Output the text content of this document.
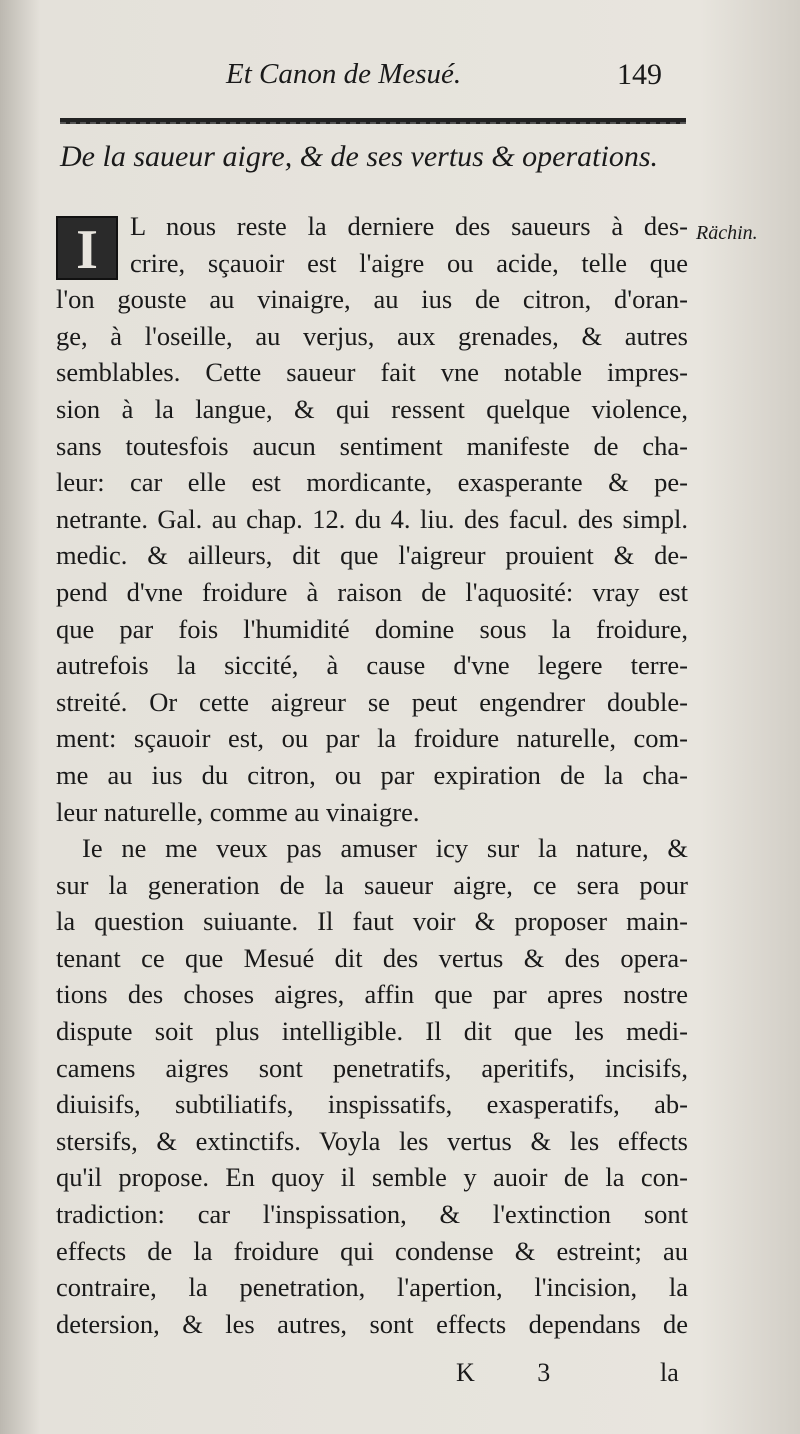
Et Canon de Mesué.	149
De la saueur aigre, & de ses vertus & operations.
Rächin.
I	L nous reste la derniere des saueurs à des-
crire, sçauoir est l'aigre ou acide, telle que
l'on gouste au vinaigre, au ius de citron, d'oran-
ge, à l'oseille, au verjus, aux grenades, & autres
semblables. Cette saueur fait vne notable impres-
sion à la langue, & qui ressent quelque violence,
sans toutesfois aucun sentiment manifeste de cha-
leur: car elle est mordicante, exasperante & pe-
netrante. Gal. au chap. 12. du 4. liu. des facul. des simpl.
medic. & ailleurs, dit que l'aigreur prouient & de-
pend d'vne froidure à raison de l'aquosité: vray est
que par fois l'humidité domine sous la froidure,
autrefois la siccité, à cause d'vne legere terre-
streité. Or cette aigreur se peut engendrer double-
ment: sçauoir est, ou par la froidure naturelle, com-
me au ius du citron, ou par expiration de la cha-
leur naturelle, comme au vinaigre.
Ie ne me veux pas amuser icy sur la nature, &
sur la generation de la saueur aigre, ce sera pour
la question suiuante. Il faut voir & proposer main-
tenant ce que Mesué dit des vertus & des opera-
tions des choses aigres, affin que par apres nostre
dispute soit plus intelligible. Il dit que les medi-
camens aigres sont penetratifs, aperitifs, incisifs,
diuisifs, subtiliatifs, inspissatifs, exasperatifs, ab-
stersifs, & extinctifs. Voyla les vertus & les effects
qu'il propose. En quoy il semble y auoir de la con-
tradiction: car l'inspissation, & l'extinction sont
effects de la froidure qui condense & estreint; au
contraire, la penetration, l'apertion, l'incision, la
detersion, & les autres, sont effects dependans de
K 3	la
